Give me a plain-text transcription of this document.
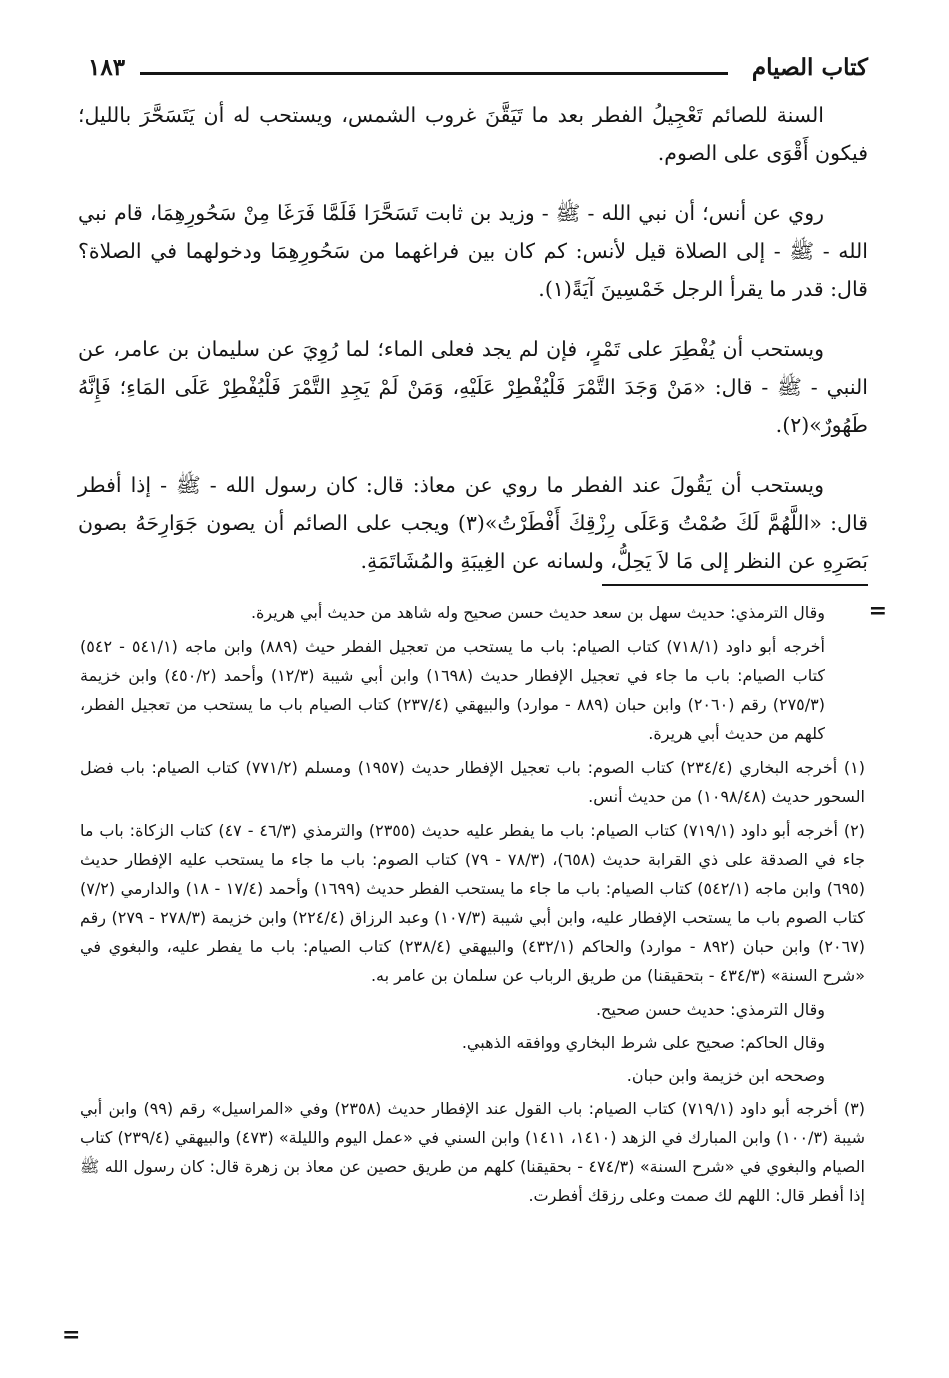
١٨٣	كتاب الصيام

السنة للصائم تَعْجِيلُ الفطر بعد ما تَيَقَّنَ غروب الشمس، ويستحب له أن يَتَسَحَّرَ بالليل؛ فيكون أَقْوَى على الصوم.

روي عن أنس؛ أن نبي الله - ﷺ - وزيد بن ثابت تَسَحَّرَا فَلَمَّا فَرَغَا مِنْ سَحُورِهِمَا، قام نبي الله - ﷺ - إلى الصلاة قيل لأنس: كم كان بين فراغهما من سَحُورِهِمَا ودخولهما في الصلاة؟ قال: قدر ما يقرأ الرجل خَمْسِينَ آيَةً(١).

ويستحب أن يُفْطِرَ على تَمْرٍ، فإن لم يجد فعلى الماء؛ لما رُوِيَ عن سليمان بن عامر، عن النبي - ﷺ - قال: «مَنْ وَجَدَ التَّمْرَ فَلْيُفْطِرْ عَلَيْهِ، وَمَنْ لَمْ يَجِدِ التَّمْرَ فَلْيُفْطِرْ عَلَى المَاءِ؛ فَإِنَّهُ طَهُورٌ»(٢).

ويستحب أن يَقُولَ عند الفطر ما روي عن معاذ: قال: كان رسول الله - ﷺ - إذا أفطر قال: «اللَّهُمَّ لَكَ صُمْتُ وَعَلَى رِزْقِكَ أَفْطَرْتُ»(٣) ويجب على الصائم أن يصون جَوَارِحَهُ بصون بَصَرِهِ عن النظر إلى مَا لاَ يَحِلُّ، ولسانه عن الغِيبَةِ والمُشَاتَمَةِ.

=
وقال الترمذي: حديث سهل بن سعد حديث حسن صحيح وله شاهد من حديث أبي هريرة.
أخرجه أبو داود (٧١٨/١) كتاب الصيام: باب ما يستحب من تعجيل الفطر حيث (٨٨٩) وابن ماجه (٥٤١/١ - ٥٤٢) كتاب الصيام: باب ما جاء في تعجيل الإفطار حديث (١٦٩٨) وابن أبي شيبة (١٢/٣) وأحمد (٤٥٠/٢) وابن خزيمة (٢٧٥/٣) رقم (٢٠٦٠) وابن حبان (٨٨٩ - موارد) والبيهقي (٢٣٧/٤) كتاب الصيام باب ما يستحب من تعجيل الفطر، كلهم من حديث أبي هريرة.
(١) أخرجه البخاري (٢٣٤/٤) كتاب الصوم: باب تعجيل الإفطار حديث (١٩٥٧) ومسلم (٧٧١/٢) كتاب الصيام: باب فضل السحور حديث (١٠٩٨/٤٨) من حديث أنس.
(٢) أخرجه أبو داود (٧١٩/١) كتاب الصيام: باب ما يفطر عليه حديث (٢٣٥٥) والترمذي (٤٦/٣ - ٤٧) كتاب الزكاة: باب ما جاء في الصدقة على ذي القرابة حديث (٦٥٨)، (٧٨/٣ - ٧٩) كتاب الصوم: باب ما جاء ما يستحب عليه الإفطار حديث (٦٩٥) وابن ماجه (٥٤٢/١) كتاب الصيام: باب ما جاء ما يستحب الفطر حديث (١٦٩٩) وأحمد (١٧/٤ - ١٨) والدارمي (٧/٢) كتاب الصوم باب ما يستحب الإفطار عليه، وابن أبي شيبة (١٠٧/٣) وعبد الرزاق (٢٢٤/٤) وابن خزيمة (٢٧٨/٣ - ٢٧٩) رقم (٢٠٦٧) وابن حبان (٨٩٢ - موارد) والحاكم (٤٣٢/١) والبيهقي (٢٣٨/٤) كتاب الصيام: باب ما يفطر عليه، والبغوي في «شرح السنة» (٤٣٤/٣ - بتحقيقنا) من طريق الرباب عن سلمان بن عامر به.
وقال الترمذي: حديث حسن صحيح.
وقال الحاكم: صحيح على شرط البخاري ووافقه الذهبي.
وصححه ابن خزيمة وابن حبان.
(٣) أخرجه أبو داود (٧١٩/١) كتاب الصيام: باب القول عند الإفطار حديث (٢٣٥٨) وفي «المراسيل» رقم (٩٩) وابن أبي شيبة (١٠٠/٣) وابن المبارك في الزهد (١٤١٠، ١٤١١) وابن السني في «عمل اليوم والليلة» (٤٧٣) والبيهقي (٢٣٩/٤) كتاب الصيام والبغوي في «شرح السنة» (٤٧٤/٣ - بحقيقنا) كلهم من طريق حصين عن معاذ بن زهرة قال: كان رسول الله ﷺ إذا أفطر قال: اللهم لك صمت وعلى رزقك أفطرت.
=
